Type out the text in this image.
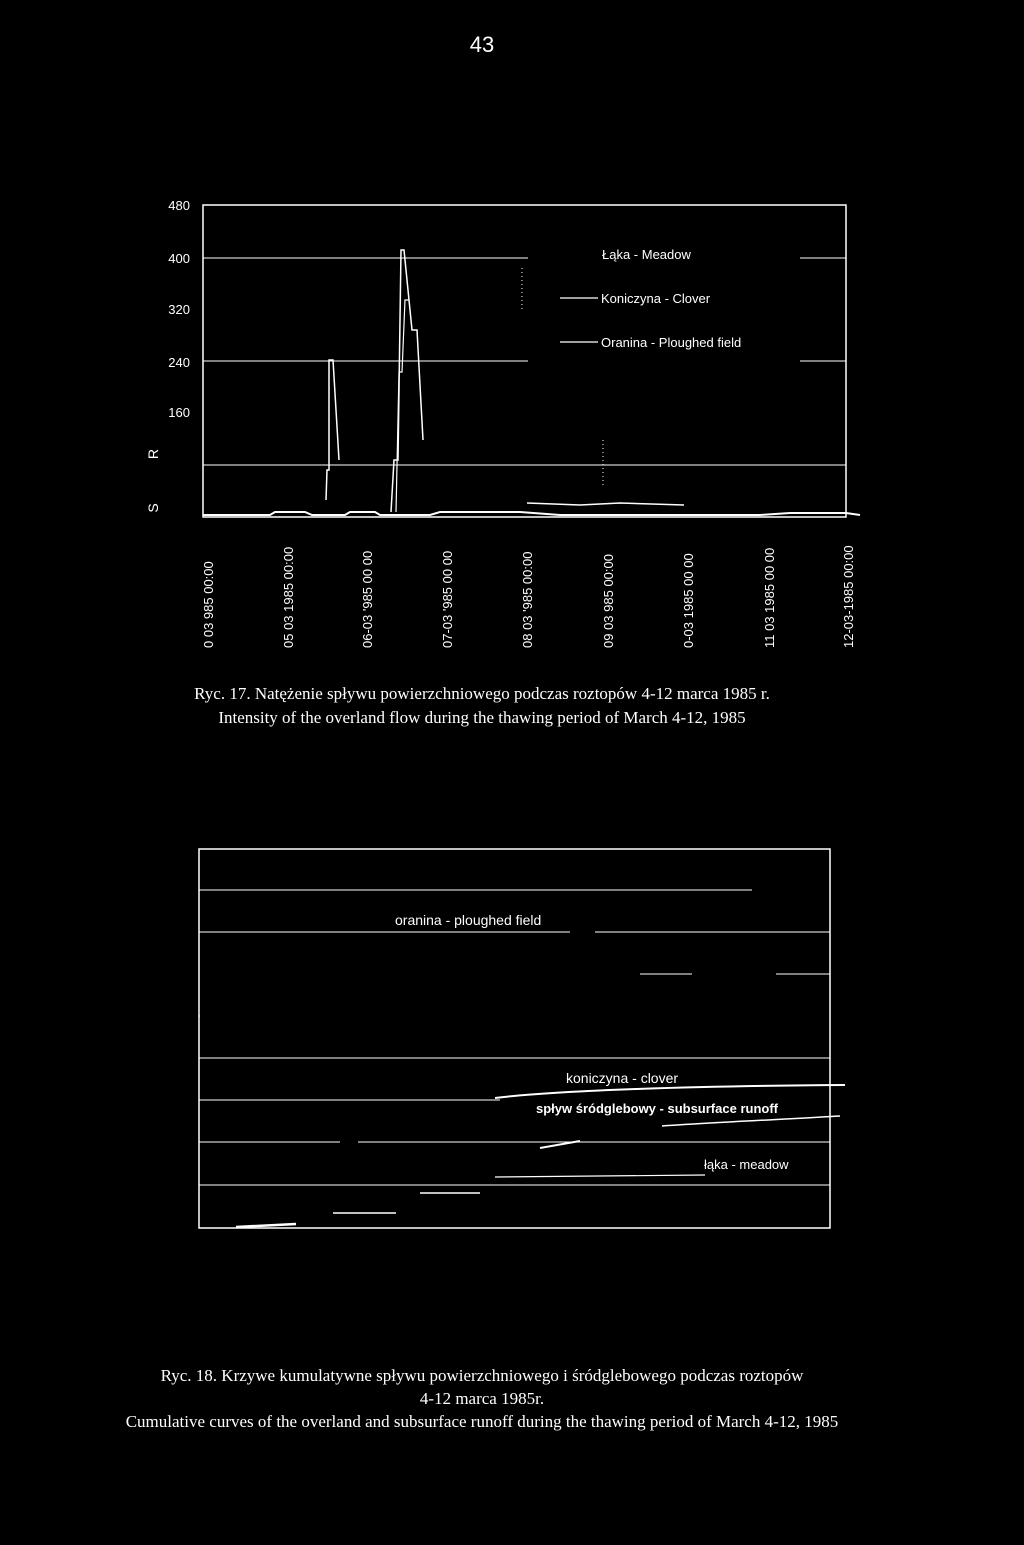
43
480
400
320
240
160
R
S
Łąka - Meadow
Koniczyna - Clover
Oranina - Ploughed field
0 03 985 00:00	05 03 1985 00:00	06-03 '985 00 00	07-03 '985 00 00	08 03 '985 00:00	09 03 985 00:00	0-03 1985 00 00	11 03 1985 00 00	12-03-1985 00:00
oranina - ploughed field
koniczyna - clover
spływ śródglebowy - subsurface runoff
łąka - meadow
Ryc. 17. Natężenie spływu powierzchniowego podczas roztopów 4-12 marca 1985 r.
Intensity of the overland flow during the thawing period of March 4-12, 1985
Ryc. 18. Krzywe kumulatywne spływu powierzchniowego i śródglebowego podczas roztopów
4-12 marca 1985r.
Cumulative curves of the overland and subsurface runoff during the thawing period of March 4-12, 1985
